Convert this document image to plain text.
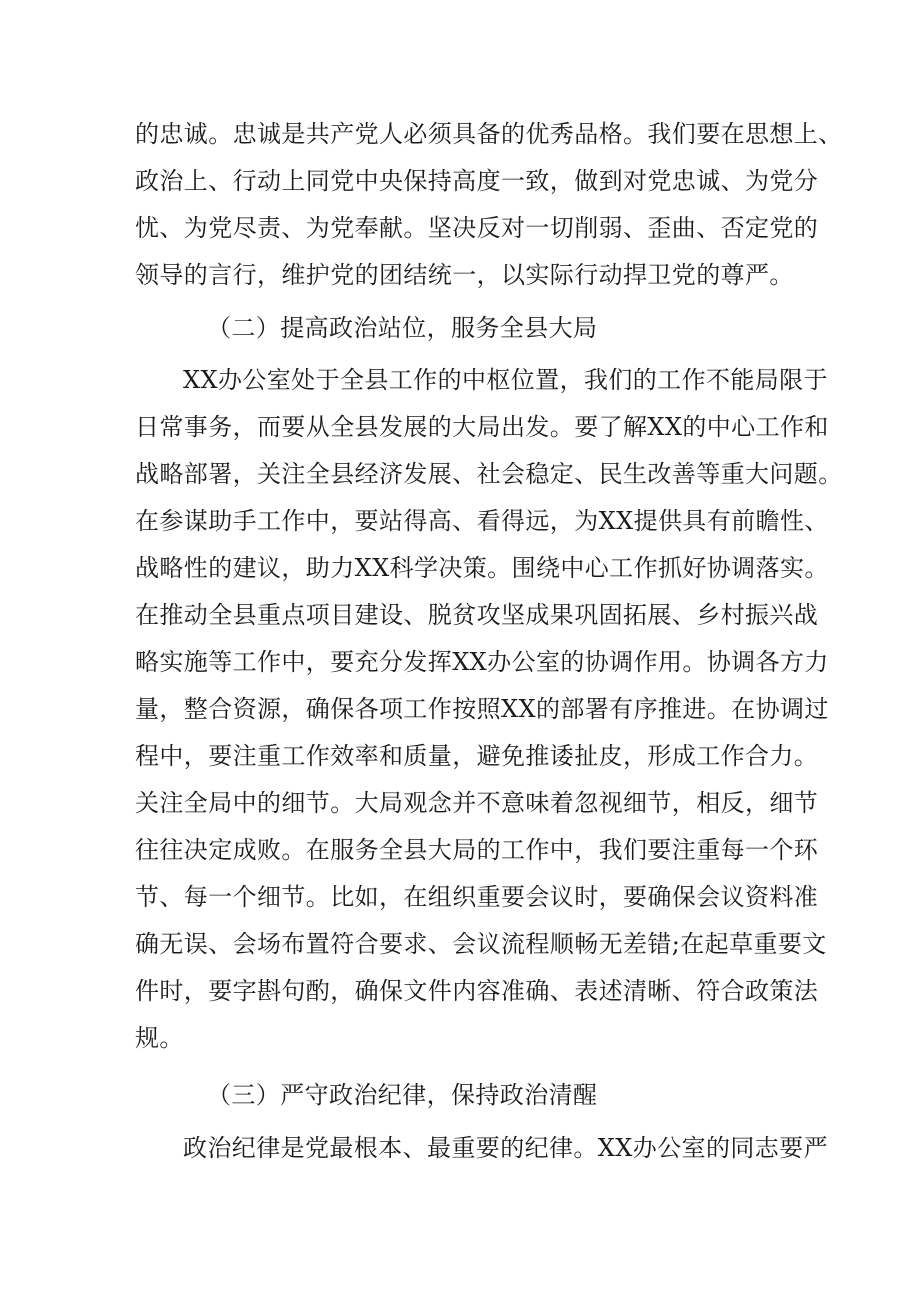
的忠诚。忠诚是共产党人必须具备的优秀品格。我们要在思想上、

政治上、行动上同党中央保持高度一致，做到对党忠诚、为党分

忧、为党尽责、为党奉献。坚决反对一切削弱、歪曲、否定党的

领导的言行，维护党的团结统一，以实际行动捍卫党的尊严。

（二）提高政治站位，服务全县大局

XX办公室处于全县工作的中枢位置，我们的工作不能局限于

日常事务，而要从全县发展的大局出发。要了解XX的中心工作和

战略部署，关注全县经济发展、社会稳定、民生改善等重大问题。

在参谋助手工作中，要站得高、看得远，为XX提供具有前瞻性、

战略性的建议，助力XX科学决策。围绕中心工作抓好协调落实。

在推动全县重点项目建设、脱贫攻坚成果巩固拓展、乡村振兴战

略实施等工作中，要充分发挥XX办公室的协调作用。协调各方力

量，整合资源，确保各项工作按照XX的部署有序推进。在协调过

程中，要注重工作效率和质量，避免推诿扯皮，形成工作合力。

关注全局中的细节。大局观念并不意味着忽视细节，相反，细节

往往决定成败。在服务全县大局的工作中，我们要注重每一个环

节、每一个细节。比如，在组织重要会议时，要确保会议资料准

确无误、会场布置符合要求、会议流程顺畅无差错;在起草重要文

件时，要字斟句酌，确保文件内容准确、表述清晰、符合政策法

规。

（三）严守政治纪律，保持政治清醒

政治纪律是党最根本、最重要的纪律。XX办公室的同志要严
